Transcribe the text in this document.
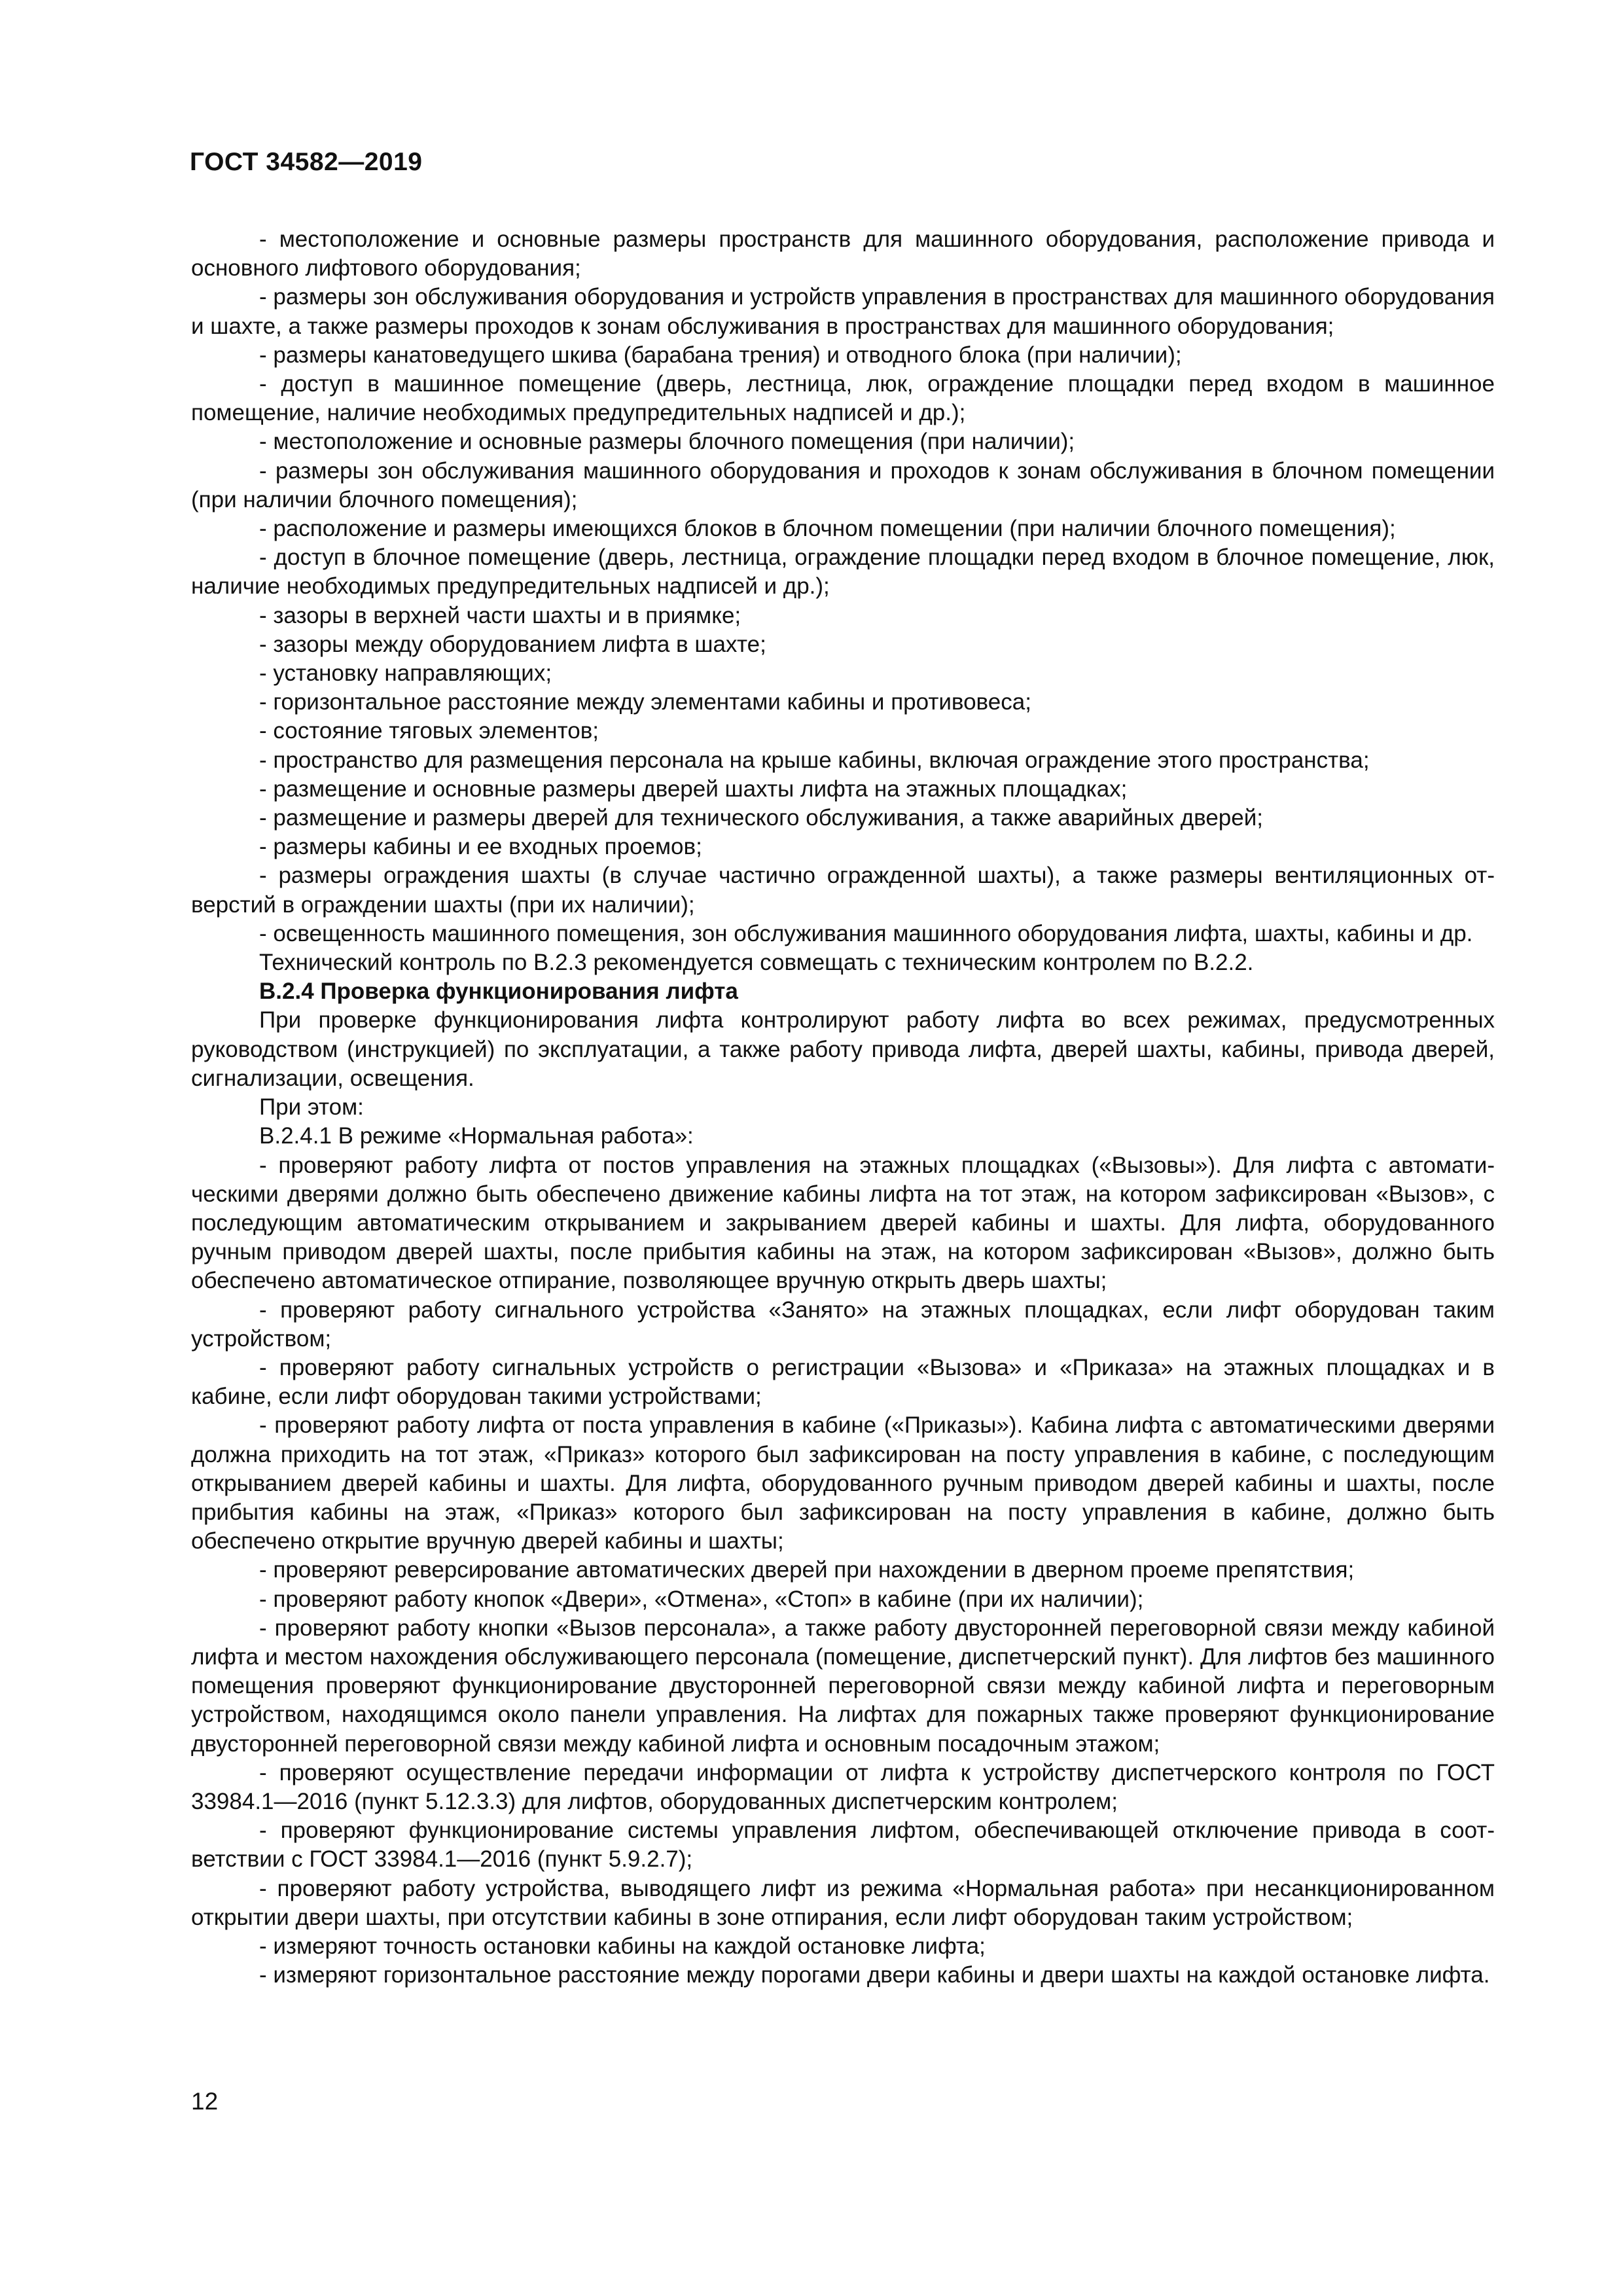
ГОСТ 34582—2019

- местоположение и основные размеры пространств для машинного оборудования, расположение привода и основного лифтового оборудования;

- размеры зон обслуживания оборудования и устройств управления в пространствах для машинного оборудования и шахте, а также размеры проходов к зонам обслуживания в пространствах для машинного оборудования;

- размеры канатоведущего шкива (барабана трения) и отводного блока (при наличии);

- доступ в машинное помещение (дверь, лестница, люк, ограждение площадки перед входом в машинное помещение, наличие необходимых предупредительных надписей и др.);

- местоположение и основные размеры блочного помещения (при наличии);

- размеры зон обслуживания машинного оборудования и проходов к зонам обслуживания в блочном помещении (при наличии блочного помещения);

- расположение и размеры имеющихся блоков в блочном помещении (при наличии блочного помещения);

- доступ в блочное помещение (дверь, лестница, ограждение площадки перед входом в блочное помещение, люк, наличие необходимых предупредительных надписей и др.);

- зазоры в верхней части шахты и в приямке;

- зазоры между оборудованием лифта в шахте;

- установку направляющих;

- горизонтальное расстояние между элементами кабины и противовеса;

- состояние тяговых элементов;

- пространство для размещения персонала на крыше кабины, включая ограждение этого пространства;

- размещение и основные размеры дверей шахты лифта на этажных площадках;

- размещение и размеры дверей для технического обслуживания, а также аварийных дверей;

- размеры кабины и ее входных проемов;

- размеры ограждения шахты (в случае частично огражденной шахты), а также размеры вентиляционных отверстий в ограждении шахты (при их наличии);

- освещенность машинного помещения, зон обслуживания машинного оборудования лифта, шахты, кабины и др.

Технический контроль по В.2.3 рекомендуется совмещать с техническим контролем по В.2.2.

В.2.4 Проверка функционирования лифта

При проверке функционирования лифта контролируют работу лифта во всех режимах, предусмотренных руководством (инструкцией) по эксплуатации, а также работу привода лифта, дверей шахты, кабины, привода дверей, сигнализации, освещения.

При этом:

В.2.4.1 В режиме «Нормальная работа»:

- проверяют работу лифта от постов управления на этажных площадках («Вызовы»). Для лифта с автоматическими дверями должно быть обеспечено движение кабины лифта на тот этаж, на котором зафиксирован «Вызов», с последующим автоматическим открыванием и закрыванием дверей кабины и шахты. Для лифта, оборудованного ручным приводом дверей шахты, после прибытия кабины на этаж, на котором зафиксирован «Вызов», должно быть обеспечено автоматическое отпирание, позволяющее вручную открыть дверь шахты;

- проверяют работу сигнального устройства «Занято» на этажных площадках, если лифт оборудован таким устройством;

- проверяют работу сигнальных устройств о регистрации «Вызова» и «Приказа» на этажных площадках и в кабине, если лифт оборудован такими устройствами;

- проверяют работу лифта от поста управления в кабине («Приказы»). Кабина лифта с автоматическими дверями должна приходить на тот этаж, «Приказ» которого был зафиксирован на посту управления в кабине, с последующим открыванием дверей кабины и шахты. Для лифта, оборудованного ручным приводом дверей кабины и шахты, после прибытия кабины на этаж, «Приказ» которого был зафиксирован на посту управления в кабине, должно быть обеспечено открытие вручную дверей кабины и шахты;

- проверяют реверсирование автоматических дверей при нахождении в дверном проеме препятствия;

- проверяют работу кнопок «Двери», «Отмена», «Стоп» в кабине (при их наличии);

- проверяют работу кнопки «Вызов персонала», а также работу двусторонней переговорной связи между кабиной лифта и местом нахождения обслуживающего персонала (помещение, диспетчерский пункт). Для лифтов без машинного помещения проверяют функционирование двусторонней переговорной связи между кабиной лифта и переговорным устройством, находящимся около панели управления. На лифтах для пожарных также проверяют функционирование двусторонней переговорной связи между кабиной лифта и основным посадочным этажом;

- проверяют осуществление передачи информации от лифта к устройству диспетчерского контроля по ГОСТ 33984.1—2016 (пункт 5.12.3.3) для лифтов, оборудованных диспетчерским контролем;

- проверяют функционирование системы управления лифтом, обеспечивающей отключение привода в соответствии с ГОСТ 33984.1—2016 (пункт 5.9.2.7);

- проверяют работу устройства, выводящего лифт из режима «Нормальная работа» при несанкционированном открытии двери шахты, при отсутствии кабины в зоне отпирания, если лифт оборудован таким устройством;

- измеряют точность остановки кабины на каждой остановке лифта;

- измеряют горизонтальное расстояние между порогами двери кабины и двери шахты на каждой остановке лифта.

12
